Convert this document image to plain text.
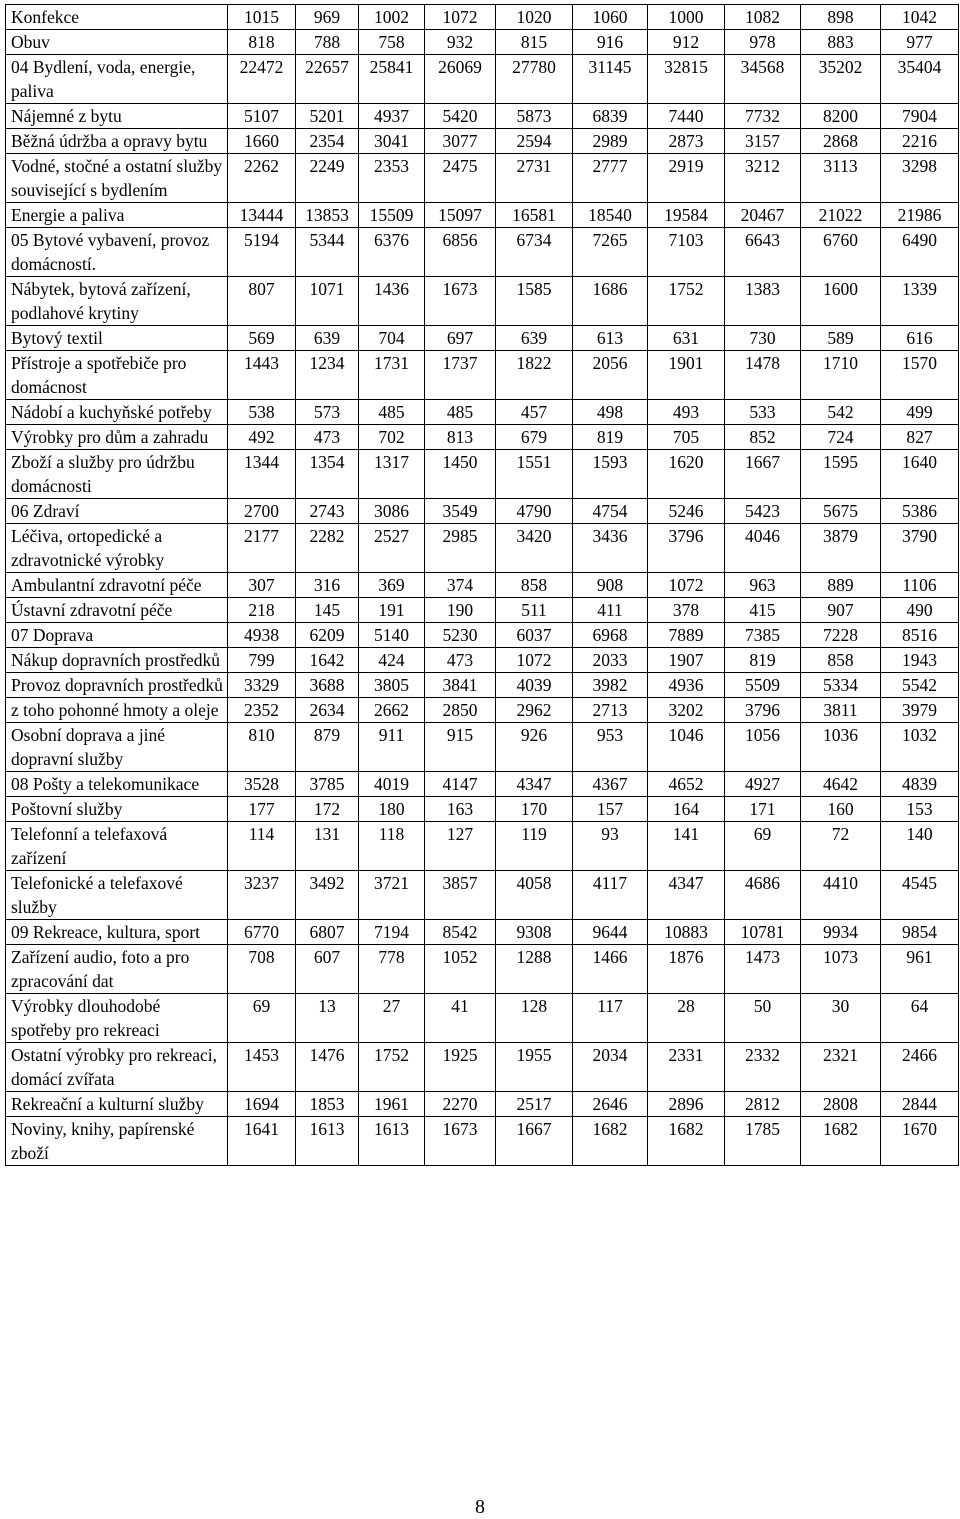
Konfekce	1015	969	1002	1072	1020	1060	1000	1082	898	1042
Obuv	818	788	758	932	815	916	912	978	883	977
04 Bydlení, voda, energie, paliva	22472	22657	25841	26069	27780	31145	32815	34568	35202	35404
Nájemné z bytu	5107	5201	4937	5420	5873	6839	7440	7732	8200	7904
Běžná údržba a opravy bytu	1660	2354	3041	3077	2594	2989	2873	3157	2868	2216
Vodné, stočné a ostatní služby související s bydlením	2262	2249	2353	2475	2731	2777	2919	3212	3113	3298
Energie a paliva	13444	13853	15509	15097	16581	18540	19584	20467	21022	21986
05 Bytové vybavení, provoz domácností.	5194	5344	6376	6856	6734	7265	7103	6643	6760	6490
Nábytek, bytová zařízení, podlahové krytiny	807	1071	1436	1673	1585	1686	1752	1383	1600	1339
Bytový textil	569	639	704	697	639	613	631	730	589	616
Přístroje a spotřebiče pro domácnost	1443	1234	1731	1737	1822	2056	1901	1478	1710	1570
Nádobí a kuchyňské potřeby	538	573	485	485	457	498	493	533	542	499
Výrobky pro dům a zahradu	492	473	702	813	679	819	705	852	724	827
Zboží a služby pro údržbu domácnosti	1344	1354	1317	1450	1551	1593	1620	1667	1595	1640
06 Zdraví	2700	2743	3086	3549	4790	4754	5246	5423	5675	5386
Léčiva, ortopedické a zdravotnické výrobky	2177	2282	2527	2985	3420	3436	3796	4046	3879	3790
Ambulantní zdravotní péče	307	316	369	374	858	908	1072	963	889	1106
Ústavní zdravotní péče	218	145	191	190	511	411	378	415	907	490
07 Doprava	4938	6209	5140	5230	6037	6968	7889	7385	7228	8516
Nákup dopravních prostředků	799	1642	424	473	1072	2033	1907	819	858	1943
Provoz dopravních prostředků	3329	3688	3805	3841	4039	3982	4936	5509	5334	5542
z toho pohonné hmoty a oleje	2352	2634	2662	2850	2962	2713	3202	3796	3811	3979
Osobní doprava a jiné dopravní služby	810	879	911	915	926	953	1046	1056	1036	1032
08 Pošty a telekomunikace	3528	3785	4019	4147	4347	4367	4652	4927	4642	4839
Poštovní služby	177	172	180	163	170	157	164	171	160	153
Telefonní a telefaxová zařízení	114	131	118	127	119	93	141	69	72	140
Telefonické a telefaxové služby	3237	3492	3721	3857	4058	4117	4347	4686	4410	4545
09 Rekreace, kultura, sport	6770	6807	7194	8542	9308	9644	10883	10781	9934	9854
Zařízení audio, foto a pro zpracování dat	708	607	778	1052	1288	1466	1876	1473	1073	961
Výrobky dlouhodobé spotřeby pro rekreaci	69	13	27	41	128	117	28	50	30	64
Ostatní výrobky pro rekreaci, domácí zvířata	1453	1476	1752	1925	1955	2034	2331	2332	2321	2466
Rekreační a kulturní služby	1694	1853	1961	2270	2517	2646	2896	2812	2808	2844
Noviny, knihy, papírenské zboží	1641	1613	1613	1673	1667	1682	1682	1785	1682	1670
8
